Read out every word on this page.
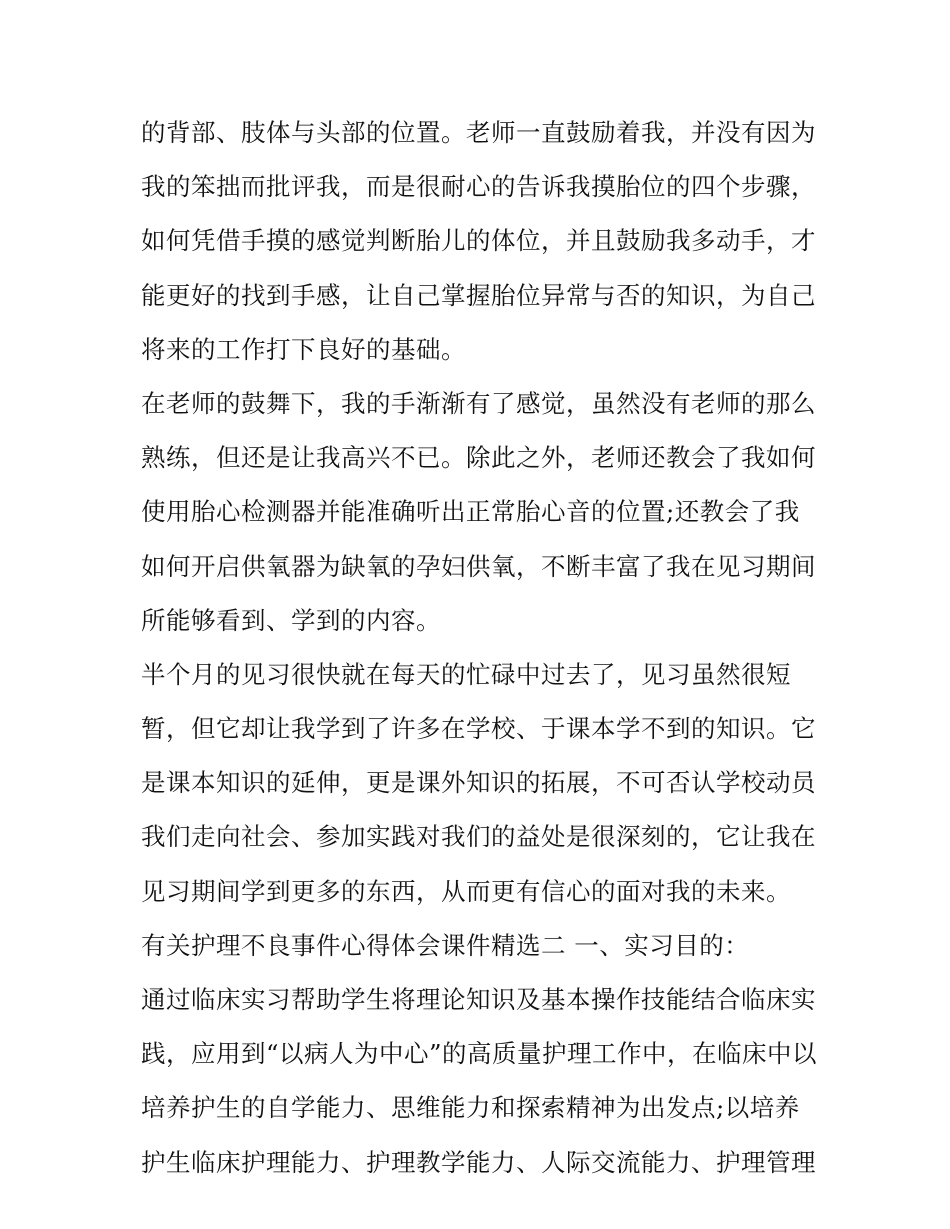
的背部、肢体与头部的位置。老师一直鼓励着我，并没有因为
我的笨拙而批评我，而是很耐心的告诉我摸胎位的四个步骤，
如何凭借手摸的感觉判断胎儿的体位，并且鼓励我多动手，才
能更好的找到手感，让自己掌握胎位异常与否的知识，为自己
将来的工作打下良好的基础。
在老师的鼓舞下，我的手渐渐有了感觉，虽然没有老师的那么
熟练，但还是让我高兴不已。除此之外，老师还教会了我如何
使用胎心检测器并能准确听出正常胎心音的位置;还教会了我
如何开启供氧器为缺氧的孕妇供氧，不断丰富了我在见习期间
所能够看到、学到的内容。
半个月的见习很快就在每天的忙碌中过去了，见习虽然很短
暂，但它却让我学到了许多在学校、于课本学不到的知识。它
是课本知识的延伸，更是课外知识的拓展，不可否认学校动员
我们走向社会、参加实践对我们的益处是很深刻的，它让我在
见习期间学到更多的东西，从而更有信心的面对我的未来。
有关护理不良事件心得体会课件精选二 一、实习目的：
通过临床实习帮助学生将理论知识及基本操作技能结合临床实
践，应用到“以病人为中心”的高质量护理工作中，在临床中以
培养护生的自学能力、思维能力和探索精神为出发点;以培养
护生临床护理能力、护理教学能力、人际交流能力、护理管理
